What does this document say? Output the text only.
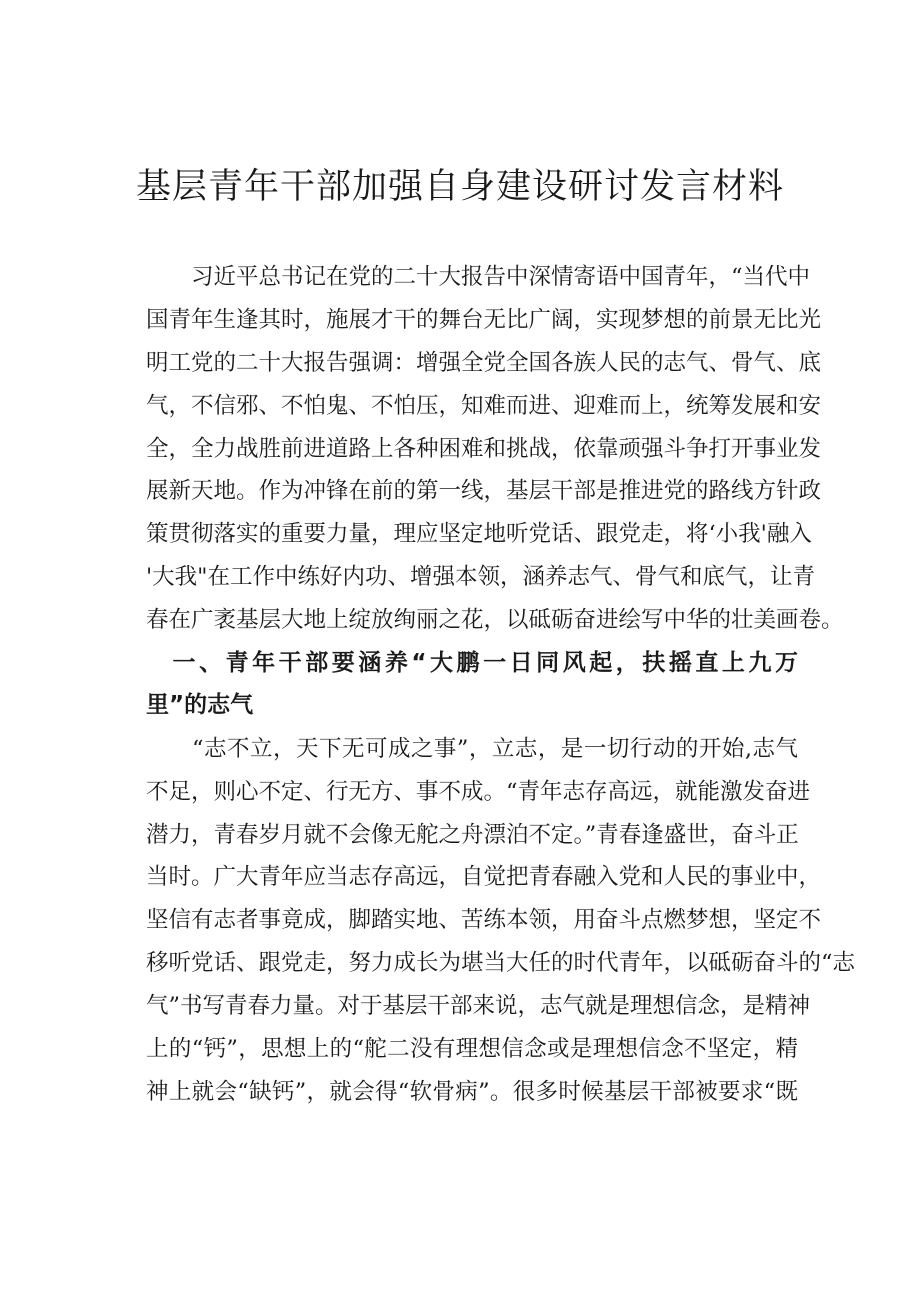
基层青年干部加强自身建设研讨发言材料
　　习近平总书记在党的二十大报告中深情寄语中国青年，“当代中
国青年生逢其时，施展才干的舞台无比广阔，实现梦想的前景无比光
明工党的二十大报告强调：增强全党全国各族人民的志气、骨气、底
气，不信邪、不怕鬼、不怕压，知难而进、迎难而上，统筹发展和安
全，全力战胜前进道路上各种困难和挑战，依靠顽强斗争打开事业发
展新天地。作为冲锋在前的第一线，基层干部是推进党的路线方针政
策贯彻落实的重要力量，理应坚定地听党话、跟党走，将‘小我'融入
'大我"在工作中练好内功、增强本领，涵养志气、骨气和底气，让青
春在广袤基层大地上绽放绚丽之花，以砥砺奋进绘写中华的壮美画卷。
　一、青年干部要涵养“大鹏一日同风起，扶摇直上九万
里”的志气
　　“志不立，天下无可成之事”，立志，是一切行动的开始,志气
不足，则心不定、行无方、事不成。“青年志存高远，就能激发奋进
潜力，青春岁月就不会像无舵之舟漂泊不定。”青春逢盛世，奋斗正
当时。广大青年应当志存高远，自觉把青春融入党和人民的事业中，
坚信有志者事竟成，脚踏实地、苦练本领，用奋斗点燃梦想，坚定不
移听党话、跟党走，努力成长为堪当大任的时代青年，以砥砺奋斗的“志
气”书写青春力量。对于基层干部来说，志气就是理想信念，是精神
上的“钙”，思想上的“舵二没有理想信念或是理想信念不坚定，精
神上就会“缺钙”，就会得“软骨病”。很多时候基层干部被要求“既
